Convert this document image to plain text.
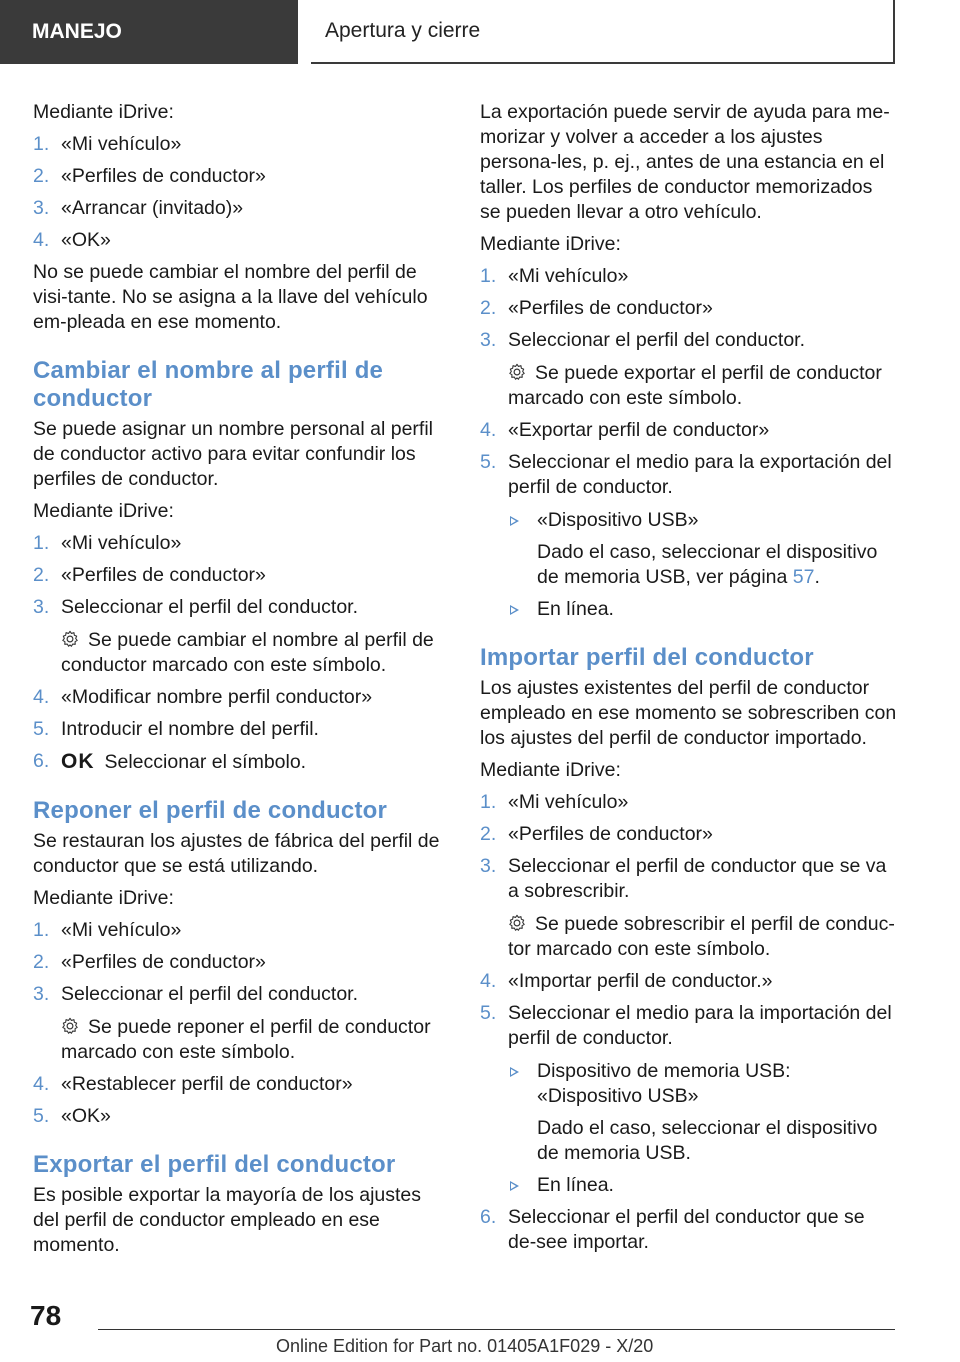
MANEJO	Apertura y cierre

Mediante iDrive:

1. «Mi vehículo»
2. «Perfiles de conductor»
3. «Arrancar (invitado)»
4. «OK»

No se puede cambiar el nombre del perfil de visi-tante. No se asigna a la llave del vehículo em-pleada en ese momento.

Cambiar el nombre al perfil de conductor

Se puede asignar un nombre personal al perfil de conductor activo para evitar confundir los perfiles de conductor.

Mediante iDrive:

1. «Mi vehículo»
2. «Perfiles de conductor»
3. Seleccionar el perfil del conductor.
Se puede cambiar el nombre al perfil de conductor marcado con este símbolo.
4. «Modificar nombre perfil conductor»
5. Introducir el nombre del perfil.
6. OK Seleccionar el símbolo.
Reponer el perfil de conductor

Se restauran los ajustes de fábrica del perfil de conductor que se está utilizando.

Mediante iDrive:

1. «Mi vehículo»
2. «Perfiles de conductor»
3. Seleccionar el perfil del conductor.
Se puede reponer el perfil de conductor marcado con este símbolo.
4. «Restablecer perfil de conductor»
5. «OK»
Exportar el perfil del conductor

Es posible exportar la mayoría de los ajustes del perfil de conductor empleado en ese momento.

La exportación puede servir de ayuda para me-morizar y volver a acceder a los ajustes persona-les, p. ej., antes de una estancia en el taller. Los perfiles de conductor memorizados se pueden llevar a otro vehículo.

Mediante iDrive:

1. «Mi vehículo»
2. «Perfiles de conductor»
3. Seleccionar el perfil del conductor.
Se puede exportar el perfil de conductor marcado con este símbolo.
4. «Exportar perfil de conductor»
5. Seleccionar el medio para la exportación del perfil de conductor.
«Dispositivo USB»
Dado el caso, seleccionar el dispositivo de memoria USB, ver página 57.
En línea.
Importar perfil del conductor

Los ajustes existentes del perfil de conductor empleado en ese momento se sobrescriben con los ajustes del perfil de conductor importado.

Mediante iDrive:

1. «Mi vehículo»
2. «Perfiles de conductor»
3. Seleccionar el perfil de conductor que se va a sobrescribir.
Se puede sobrescribir el perfil de conduc-tor marcado con este símbolo.
4. «Importar perfil de conductor.»
5. Seleccionar el medio para la importación del perfil de conductor.
Dispositivo de memoria USB: «Dispositivo USB»
Dado el caso, seleccionar el dispositivo de memoria USB.
En línea.
6. Seleccionar el perfil del conductor que se de-see importar.
78
Online Edition for Part no. 01405A1F029 - X/20
